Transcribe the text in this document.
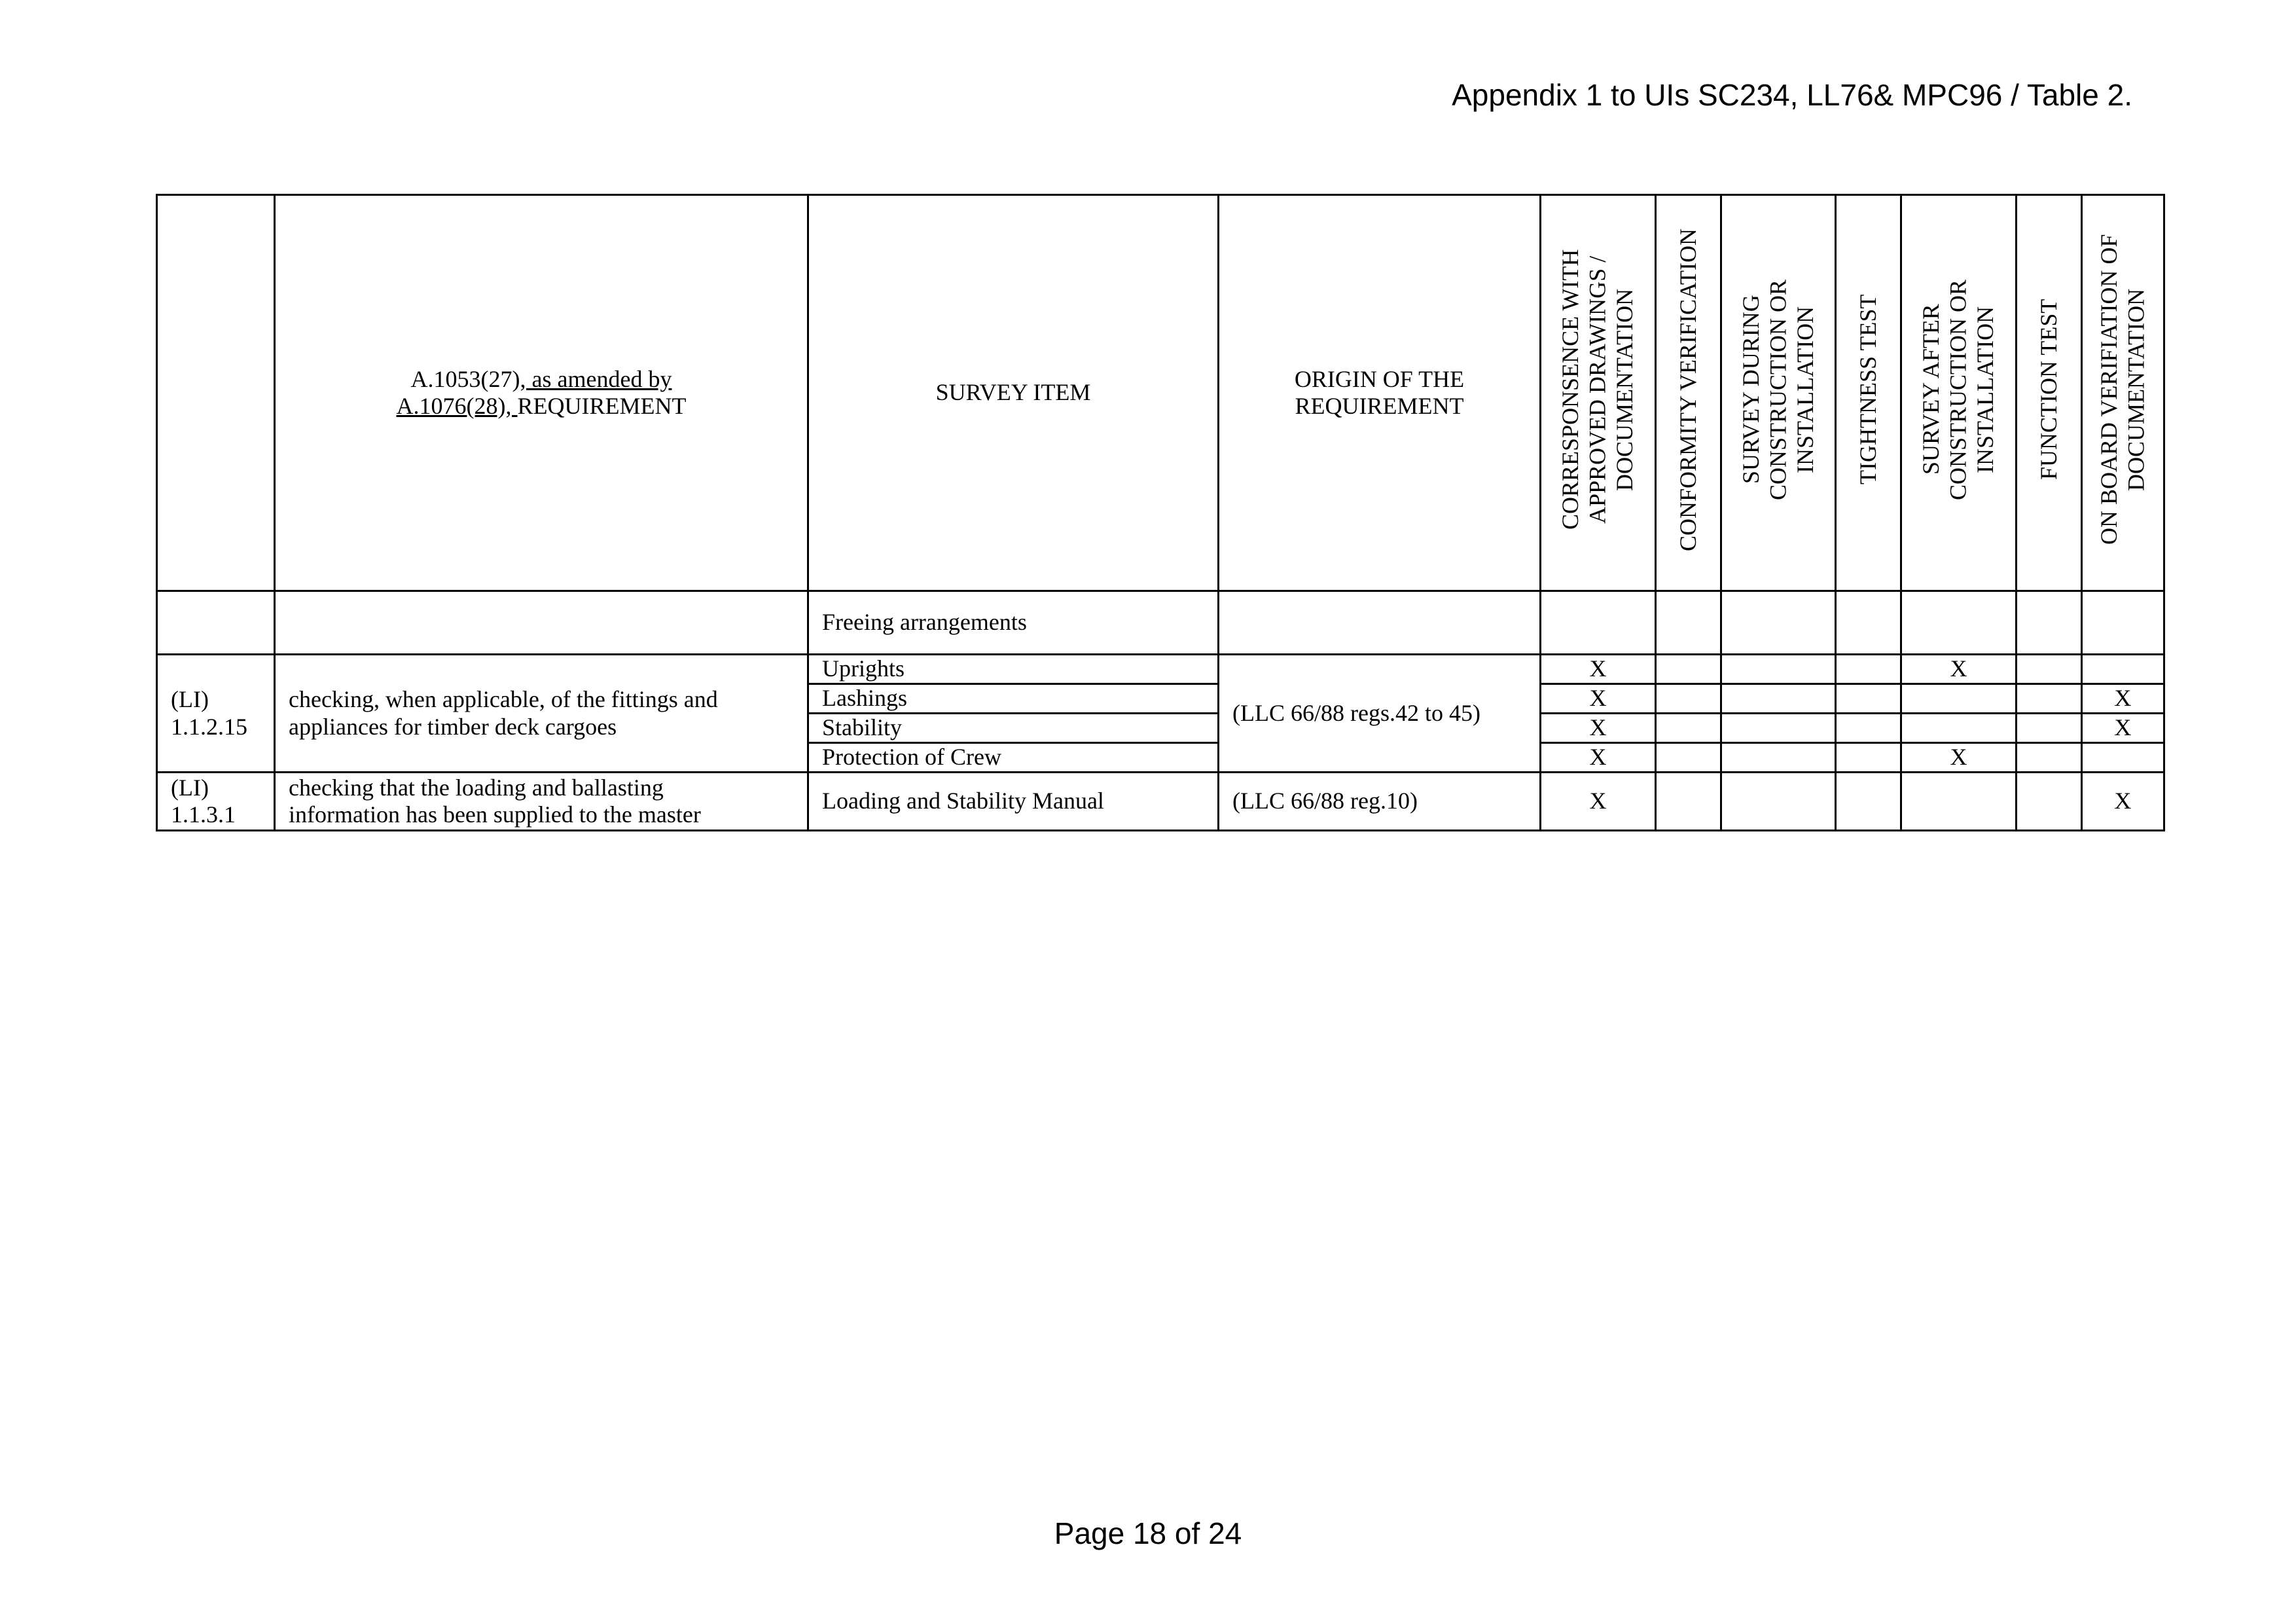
Appendix 1 to UIs SC234, LL76& MPC96 / Table 2.
	A.1053(27), as amended by
A.1076(28), REQUIREMENT	SURVEY ITEM	ORIGIN OF THE REQUIREMENT	CORRESPONSENCE WITH APPROVED DRAWINGS / DOCUMENTATION	CONFORMITY VERIFICATION	SURVEY DURING CONSTRUCTION OR INSTALLATION	TIGHTNESS TEST	SURVEY AFTER CONSTRUCTION OR INSTALLATION	FUNCTION TEST	ON BOARD VERIFIATION OF DOCUMENTATION
		Freeing arrangements								

(LI)
1.1.2.15	checking, when applicable, of the fittings and
appliances for timber deck cargoes	Uprights	(LLC 66/88 regs.42 to 45)	X				X		
		Lashings		X						X
		Stability		X						X
		Protection of Crew		X				X		

(LI)
1.1.3.1	checking that the loading and ballasting
information has been supplied to the master	Loading and Stability Manual	(LLC 66/88 reg.10)	X						X
Page 18 of 24
